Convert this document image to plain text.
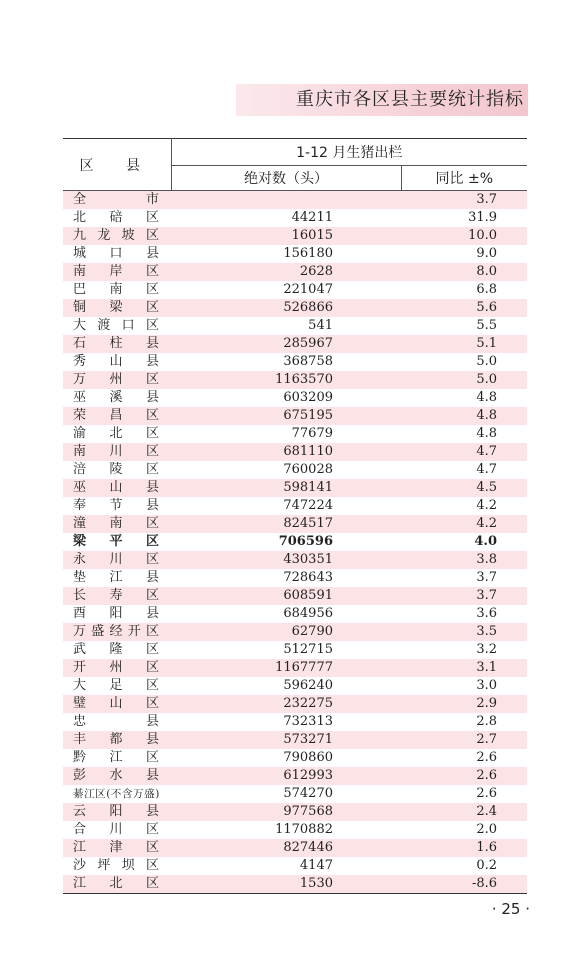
重庆市各区县主要统计指标
区 县	1-12 月生猪出栏	
	绝对数（头）	同比 ±%

全　　市		3.7

北碚区	44211	31.9

九龙坡区	16015	10.0

城口县	156180	9.0

南岸区	2628	8.0

巴南区	221047	6.8

铜梁区	526866	5.6

大渡口区	541	5.5

石柱县	285967	5.1

秀山县	368758	5.0

万州区	1163570	5.0

巫溪县	603209	4.8

荣昌区	675195	4.8

渝北区	77679	4.8

南川区	681110	4.7

涪陵区	760028	4.7

巫山县	598141	4.5

奉节县	747224	4.2

潼南区	824517	4.2

梁平区	706596	4.0

永川区	430351	3.8

垫江县	728643	3.7

长寿区	608591	3.7

酉阳县	684956	3.6

万盛经开区	62790	3.5

武隆区	512715	3.2

开州区	1167777	3.1

大足区	596240	3.0

璧山区	232275	2.9

忠　县	732313	2.8

丰都县	573271	2.7

黔江区	790860	2.6

彭水县	612993	2.6

綦江区(不含万盛)	574270	2.6

云阳县	977568	2.4

合川区	1170882	2.0

江津区	827446	1.6

沙坪坝区	4147	0.2

江北区	1530	-8.6
· 25 ·
